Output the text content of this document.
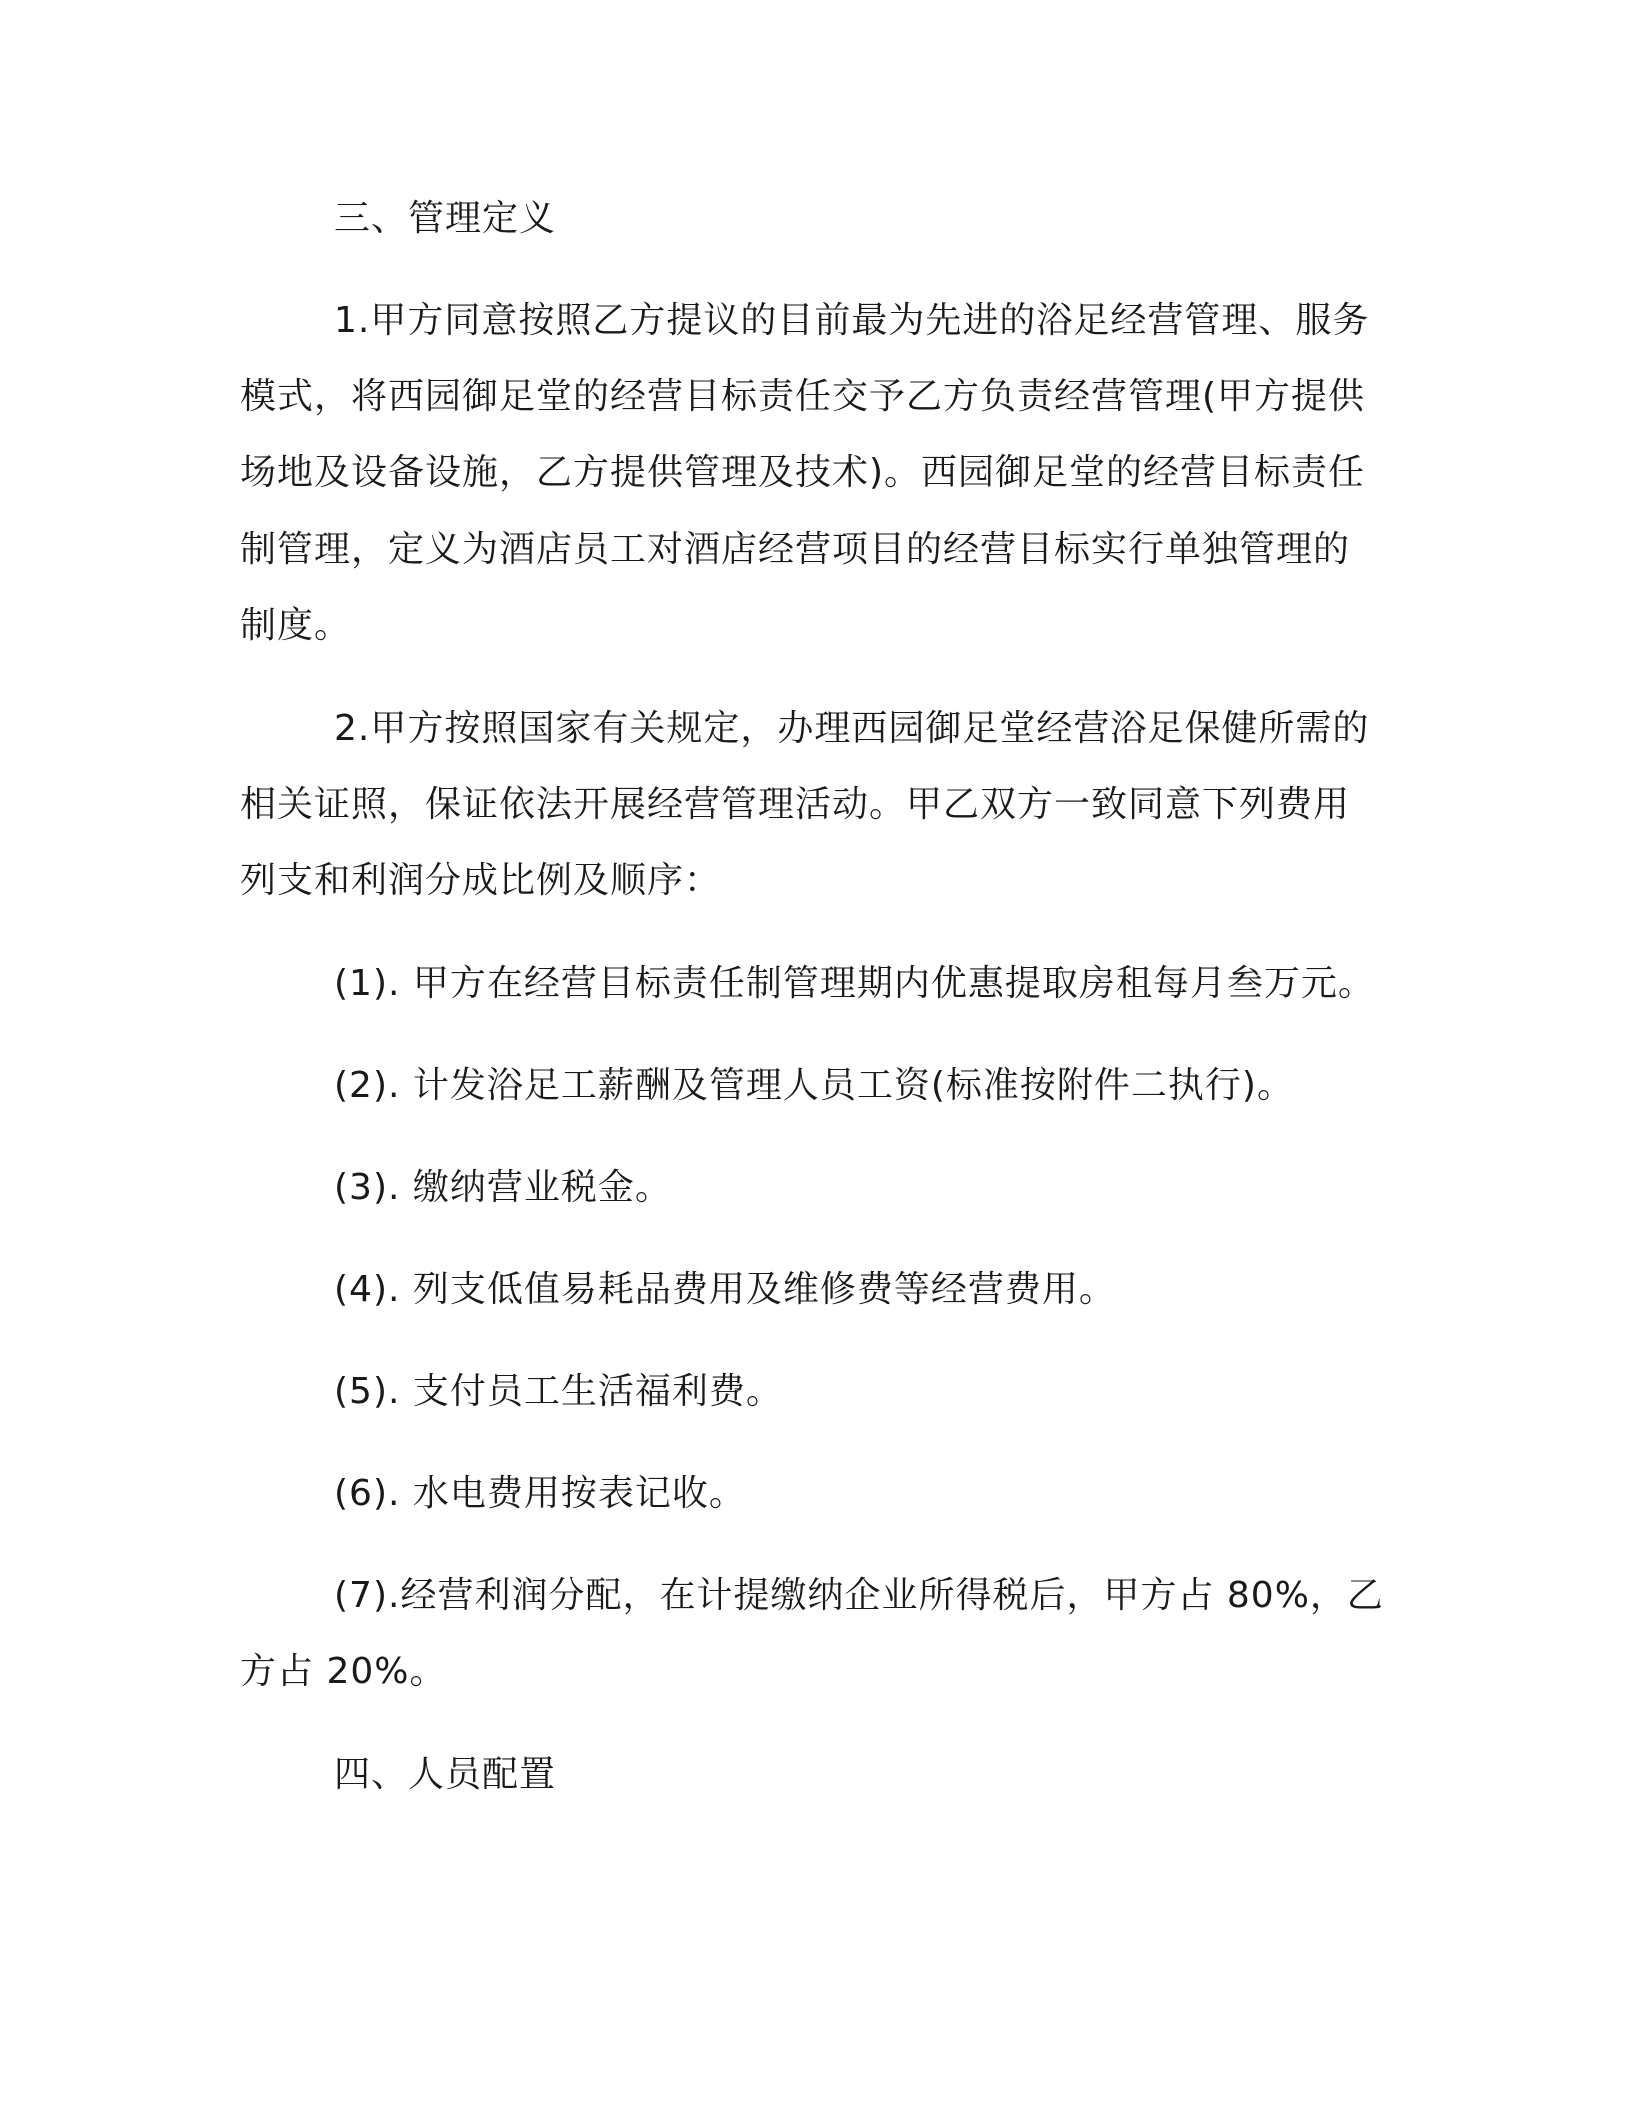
三、管理定义
1.甲方同意按照乙方提议的目前最为先进的浴足经营管理、服务
模式，将西园御足堂的经营目标责任交予乙方负责经营管理(甲方提供
场地及设备设施，乙方提供管理及技术)。西园御足堂的经营目标责任
制管理，定义为酒店员工对酒店经营项目的经营目标实行单独管理的
制度。
2.甲方按照国家有关规定，办理西园御足堂经营浴足保健所需的
相关证照，保证依法开展经营管理活动。甲乙双方一致同意下列费用
列支和利润分成比例及顺序：
(1). 甲方在经营目标责任制管理期内优惠提取房租每月叁万元。
(2). 计发浴足工薪酬及管理人员工资(标准按附件二执行)。
(3). 缴纳营业税金。
(4). 列支低值易耗品费用及维修费等经营费用。
(5). 支付员工生活福利费。
(6). 水电费用按表记收。
(7).经营利润分配，在计提缴纳企业所得税后，甲方占 80%，乙
方占 20%。
四、人员配置
